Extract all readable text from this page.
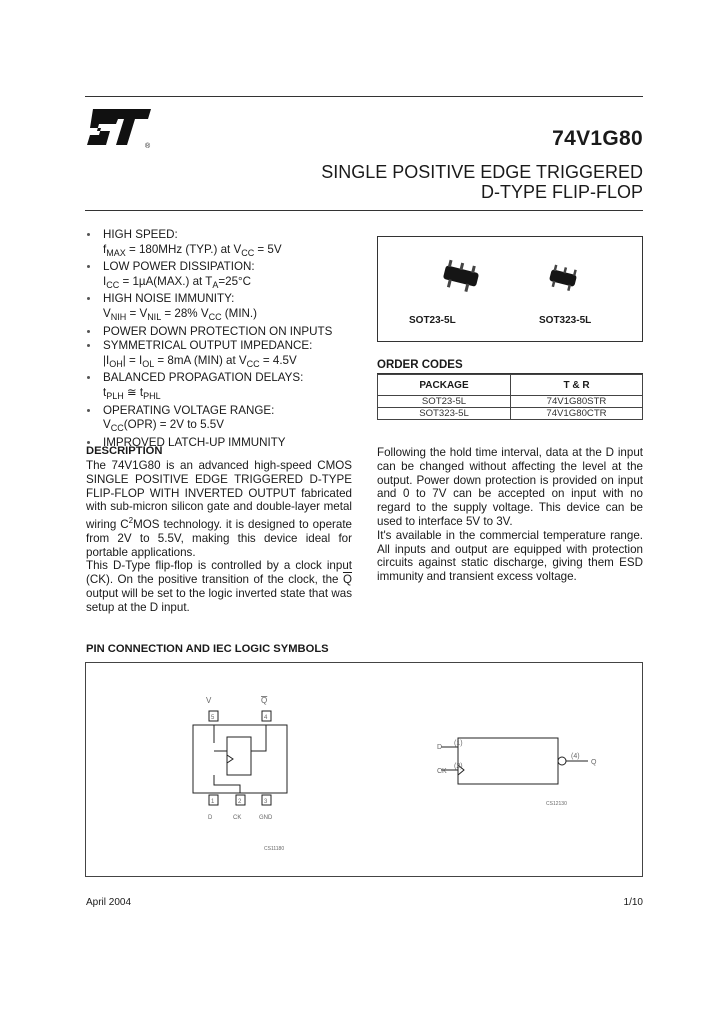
®	74V1G80
SINGLE POSITIVE EDGE TRIGGERED
D-TYPE FLIP-FLOP
HIGH SPEED:
$f_{MAX} = 180MHz$ (TYP.) at $V_{CC} = 5V$
LOW POWER DISSIPATION:
$I_{CC} = 1\mu A(MAX.)$ at $T_A=25^\circ C$
HIGH NOISE IMMUNITY:
$V_{NIH} = V_{NIL} = 28\%$ $V_{CC}$ (MIN.)
POWER DOWN PROTECTION ON INPUTS
SYMMETRICAL OUTPUT IMPEDANCE:
$|I_{OH}| = I_{OL} = 8mA$ (MIN) at $V_{CC} = 4.5V$
BALANCED PROPAGATION DELAYS:
$t_{PLH}$ ≅ $t_{PHL}$
OPERATING VOLTAGE RANGE:
$V_{CC}(OPR) = 2V$ to 5.5V
IMPROVED LATCH-UP IMMUNITY
SOT23-5L	SOT323-5L
ORDER CODES
PACKAGE	T & R
SOT23-5L	74V1G80STR
SOT323-5L	74V1G80CTR
DESCRIPTION

The 74V1G80 is an advanced high-speed CMOS SINGLE POSITIVE EDGE TRIGGERED D-TYPE FLIP-FLOP WITH INVERTED OUTPUT fabricated with sub-micron silicon gate and double-layer metal wiring $C^2MOS$ technology. it is designed to operate from 2V to 5.5V, making this device ideal for portable applications.

This D-Type flip-flop is controlled by a clock input (CK). On the positive transition of the clock, the $\overline{Q}$ output will be set to the logic inverted state that was setup at the D input.

Following the hold time interval, data at the D input can be changed without affecting the level at the output. Power down protection is provided on input and 0 to 7V can be accepted on input with no regard to the supply voltage. This device can be used to interface 5V to 3V.

It's available in the commercial temperature range. All inputs and output are equipped with protection circuits against static discharge, giving them ESD immunity and transient excess voltage.

PIN CONNECTION AND IEC LOGIC SYMBOLS
V	Q
5	4
1	2	3
D	CK	GND
CS11180
(1)
(2)
D
CK
(4)
Q
CS12130
April 2004	1/10
